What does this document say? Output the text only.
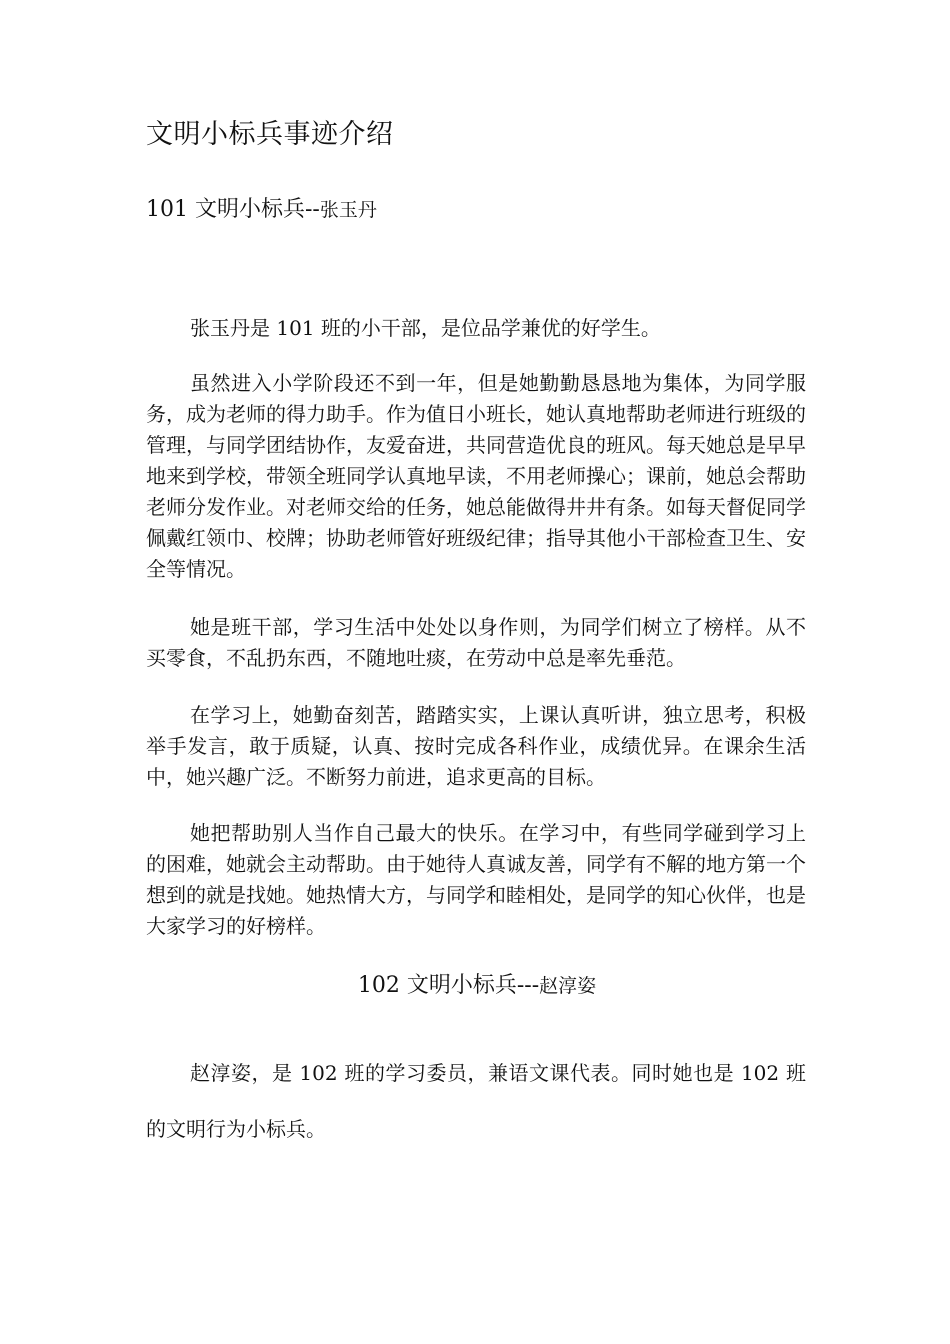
文明小标兵事迹介绍
101 文明小标兵--张玉丹

张玉丹是 101 班的小干部，是位品学兼优的好学生。

虽然进入小学阶段还不到一年，但是她勤勤恳恳地为集体，为同学服务，成为老师的得力助手。作为值日小班长，她认真地帮助老师进行班级的管理，与同学团结协作，友爱奋进，共同营造优良的班风。每天她总是早早地来到学校，带领全班同学认真地早读，不用老师操心；课前，她总会帮助老师分发作业。对老师交给的任务，她总能做得井井有条。如每天督促同学佩戴红领巾、校牌；协助老师管好班级纪律；指导其他小干部检查卫生、安全等情况。

她是班干部，学习生活中处处以身作则，为同学们树立了榜样。从不买零食，不乱扔东西，不随地吐痰，在劳动中总是率先垂范。

在学习上，她勤奋刻苦，踏踏实实，上课认真听讲，独立思考，积极举手发言，敢于质疑，认真、按时完成各科作业，成绩优异。在课余生活中，她兴趣广泛。不断努力前进，追求更高的目标。

她把帮助别人当作自己最大的快乐。在学习中，有些同学碰到学习上的困难，她就会主动帮助。由于她待人真诚友善，同学有不解的地方第一个想到的就是找她。她热情大方，与同学和睦相处，是同学的知心伙伴，也是大家学习的好榜样。

102 文明小标兵---赵淳姿

赵淳姿，是 102 班的学习委员，兼语文课代表。同时她也是 102 班的文明行为小标兵。
